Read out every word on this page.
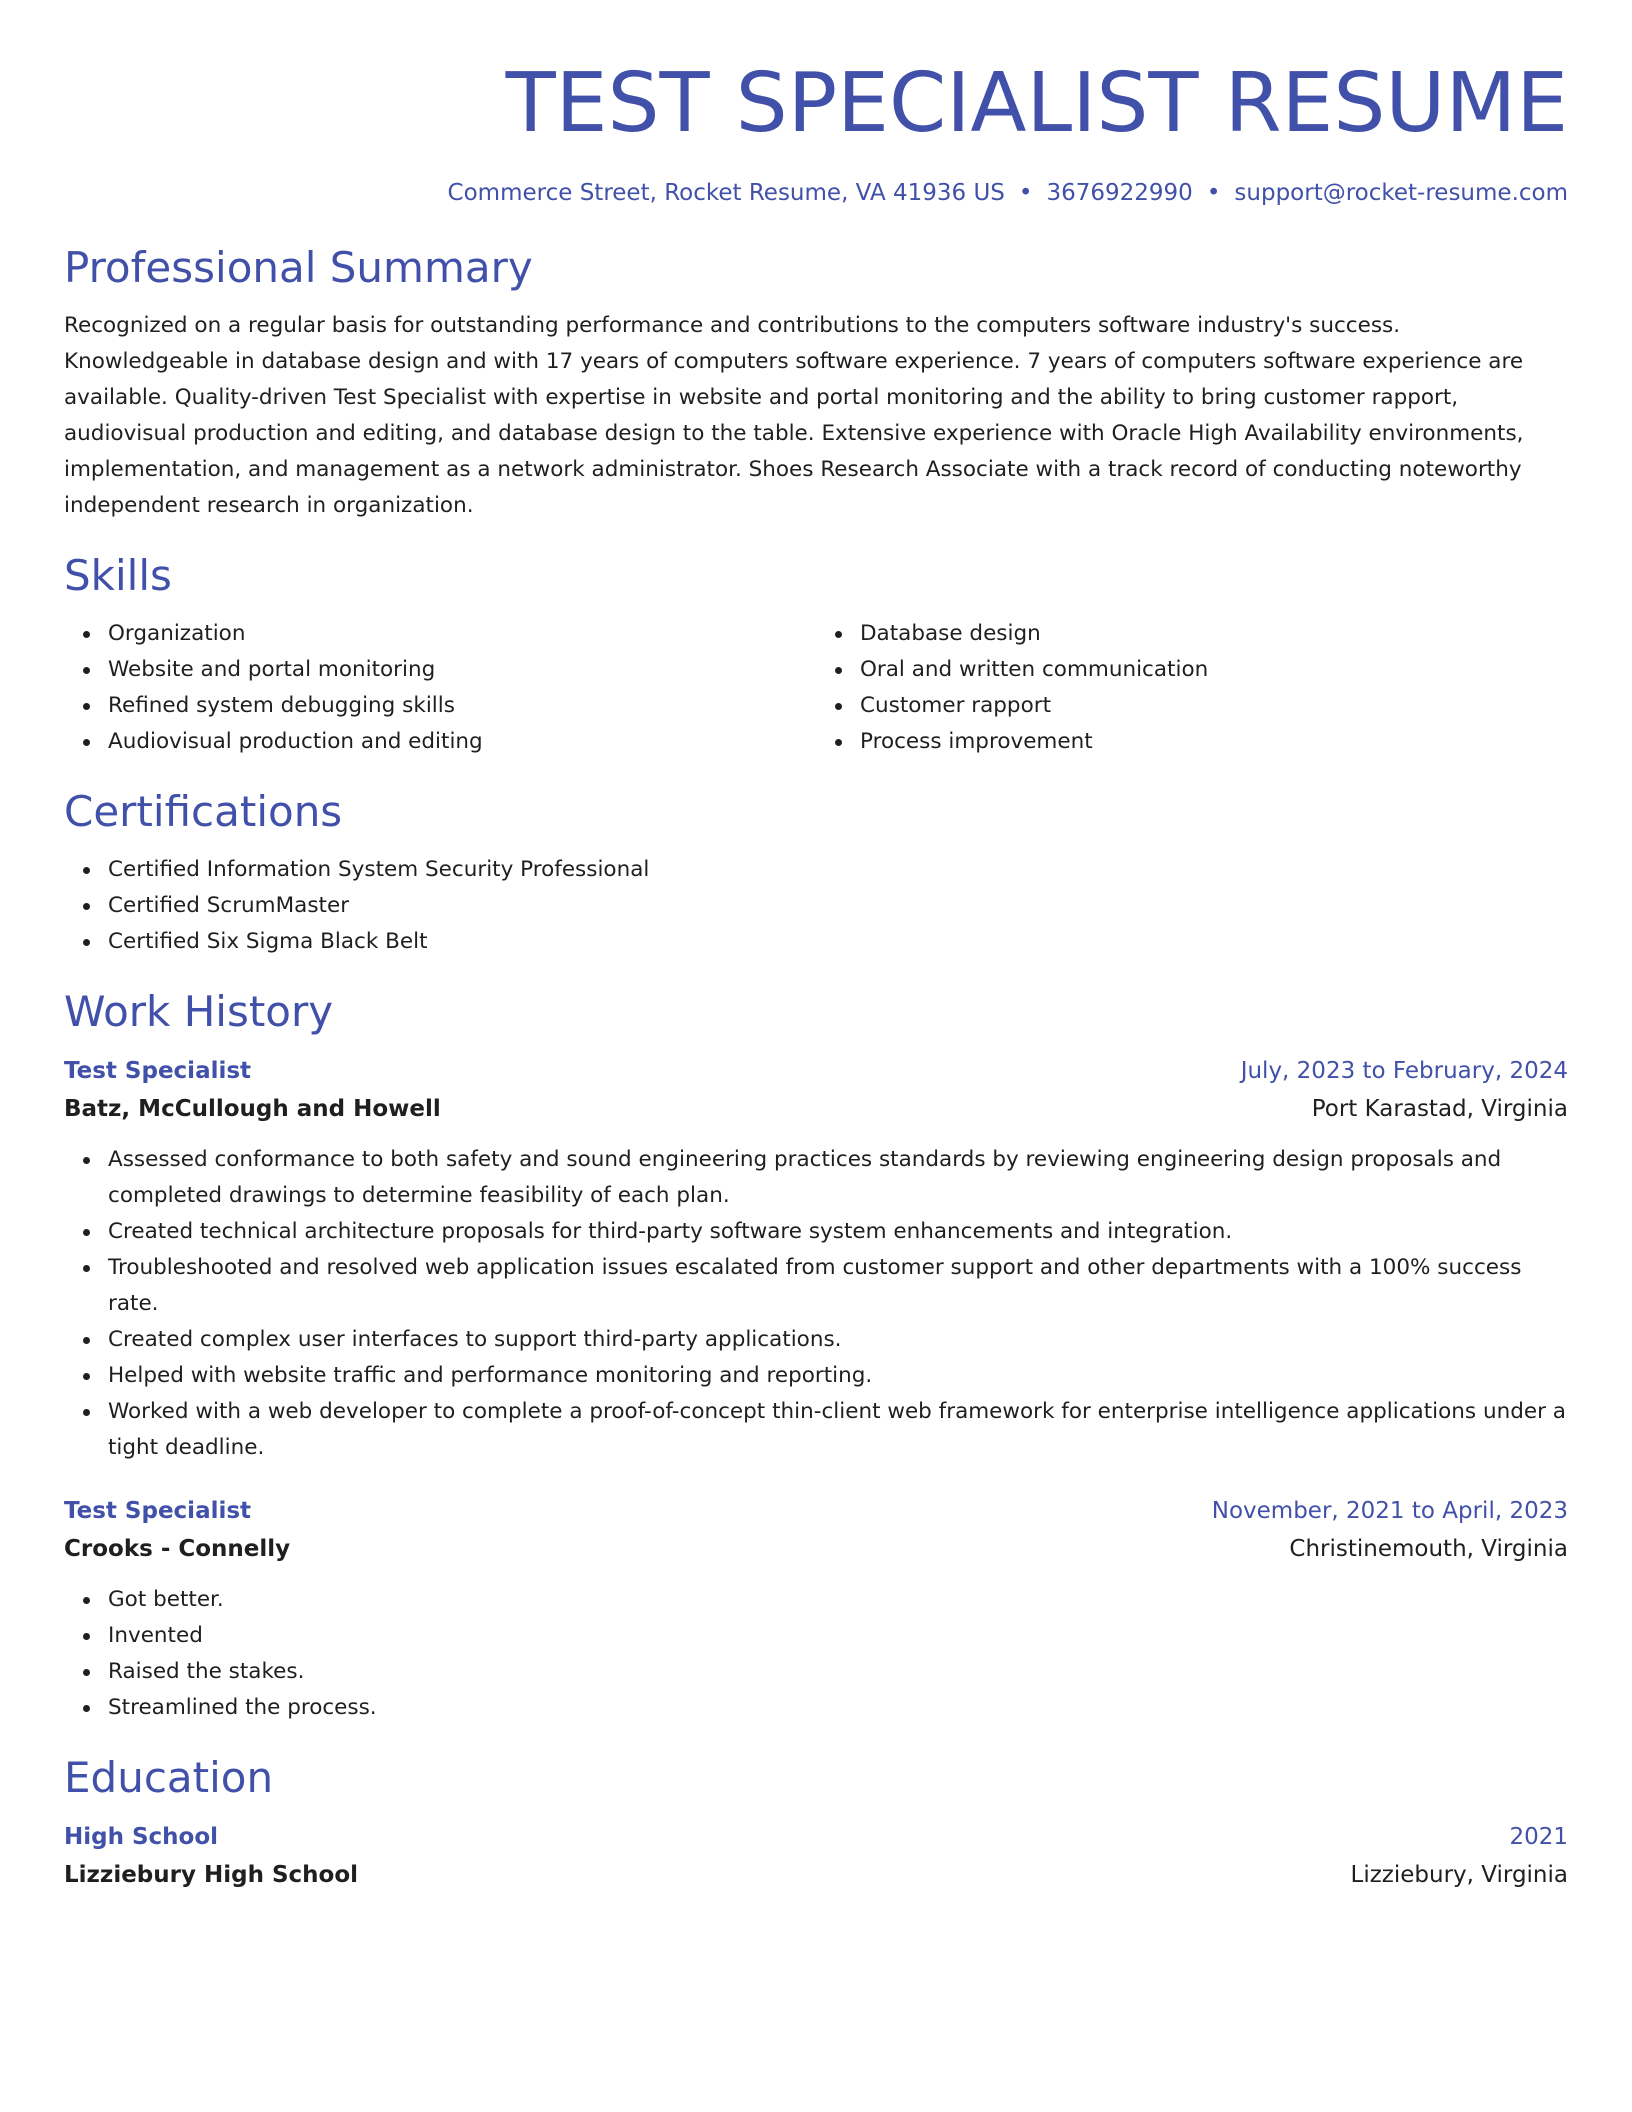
TEST SPECIALIST RESUME
Commerce Street, Rocket Resume, VA 41936 US • 3676922990 • support@rocket-resume.com
Professional Summary

Recognized on a regular basis for outstanding performance and contributions to the computers software industry's success. Knowledgeable in database design and with 17 years of computers software experience. 7 years of computers software experience are available. Quality-driven Test Specialist with expertise in website and portal monitoring and the ability to bring customer rapport, audiovisual production and editing, and database design to the table. Extensive experience with Oracle High Availability environments, implementation, and management as a network administrator. Shoes Research Associate with a track record of conducting noteworthy independent research in organization.

Skills
Organization
Website and portal monitoring
Refined system debugging skills
Audiovisual production and editing
Database design
Oral and written communication
Customer rapport
Process improvement
Certifications
Certified Information System Security Professional
Certified ScrumMaster
Certified Six Sigma Black Belt
Work History
Test Specialist	July, 2023 to February, 2024
Batz, McCullough and Howell	Port Karastad, Virginia
Assessed conformance to both safety and sound engineering practices standards by reviewing engineering design proposals and completed drawings to determine feasibility of each plan.
Created technical architecture proposals for third-party software system enhancements and integration.
Troubleshooted and resolved web application issues escalated from customer support and other departments with a 100% success rate.
Created complex user interfaces to support third-party applications.
Helped with website traffic and performance monitoring and reporting.
Worked with a web developer to complete a proof-of-concept thin-client web framework for enterprise intelligence applications under a tight deadline.
Test Specialist	November, 2021 to April, 2023
Crooks - Connelly	Christinemouth, Virginia
Got better.
Invented
Raised the stakes.
Streamlined the process.
Education
High School	2021
Lizziebury High School	Lizziebury, Virginia
